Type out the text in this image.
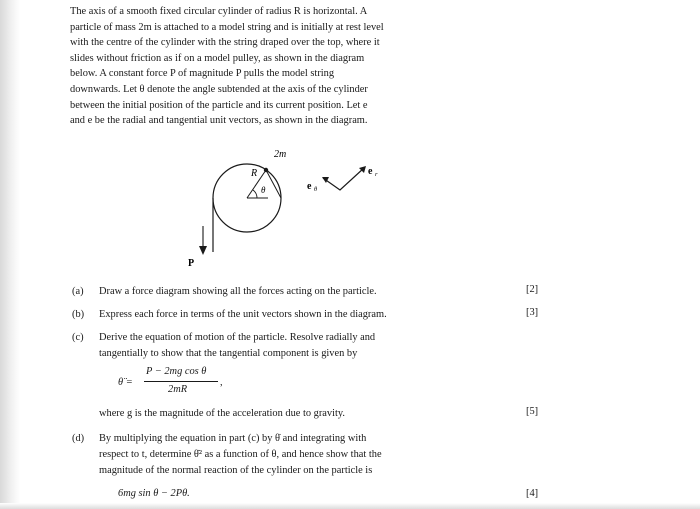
The axis of a smooth fixed circular cylinder of radius R is horizontal. A

particle of mass 2m is attached to a model string and is initially at rest level

with the centre of the cylinder with the string draped over the top, where it

slides without friction as if on a model pulley, as shown in the diagram

below. A constant force P of magnitude P pulls the model string

downwards. Let θ denote the angle subtended at the axis of the cylinder

between the initial position of the particle and its current position. Let e

and e be the radial and tangential unit vectors, as shown in the diagram.

2m
R
θ
P
e θ
e r
(a) Draw a force diagram showing all the forces acting on the particle.	[2]
(b) Express each force in terms of the unit vectors shown in the diagram.	[3]
(c) Derive the equation of motion of the particle. Resolve radially and
tangentially to show that the tangential component is given by
θ̈ =
P − 2mg cos θ
2mR
,
where g is the magnitude of the acceleration due to gravity.	[5]
(d) By multiplying the equation in part (c) by θ̇ and integrating with
respect to t, determine θ̇² as a function of θ, and hence show that the
magnitude of the normal reaction of the cylinder on the particle is
6mg sin θ − 2Pθ.	[4]
